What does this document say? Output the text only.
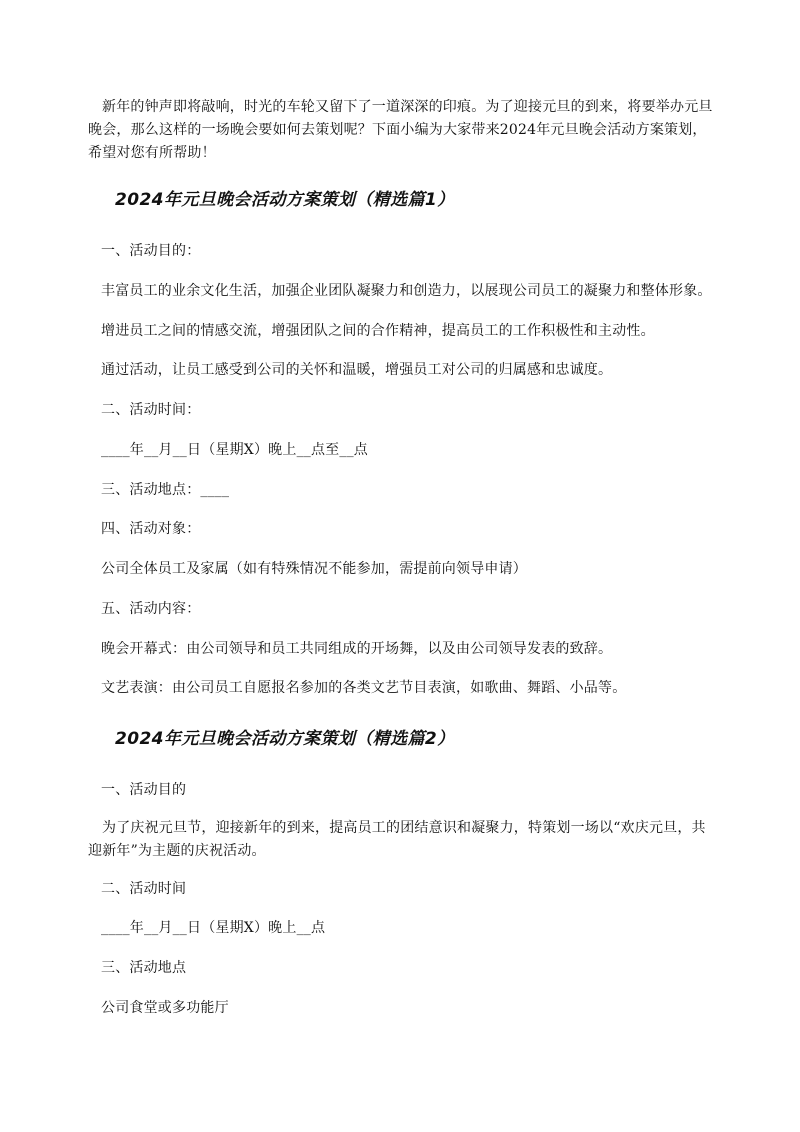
新年的钟声即将敲响，时光的车轮又留下了一道深深的印痕。为了迎接元旦的到来，将要举办元旦晚会，那么这样的一场晚会要如何去策划呢？下面小编为大家带来2024年元旦晚会活动方案策划，希望对您有所帮助！

2024年元旦晚会活动方案策划（精选篇1）

一、活动目的：

丰富员工的业余文化生活，加强企业团队凝聚力和创造力，以展现公司员工的凝聚力和整体形象。

增进员工之间的情感交流，增强团队之间的合作精神，提高员工的工作积极性和主动性。

通过活动，让员工感受到公司的关怀和温暖，增强员工对公司的归属感和忠诚度。

二、活动时间：

____年__月__日（星期X）晚上__点至__点

三、活动地点：____

四、活动对象：

公司全体员工及家属（如有特殊情况不能参加，需提前向领导申请）

五、活动内容：

晚会开幕式：由公司领导和员工共同组成的开场舞，以及由公司领导发表的致辞。

文艺表演：由公司员工自愿报名参加的各类文艺节目表演，如歌曲、舞蹈、小品等。

2024年元旦晚会活动方案策划（精选篇2）

一、活动目的

为了庆祝元旦节，迎接新年的到来，提高员工的团结意识和凝聚力，特策划一场以“欢庆元旦，共迎新年”为主题的庆祝活动。

二、活动时间

____年__月__日（星期X）晚上__点

三、活动地点

公司食堂或多功能厅
